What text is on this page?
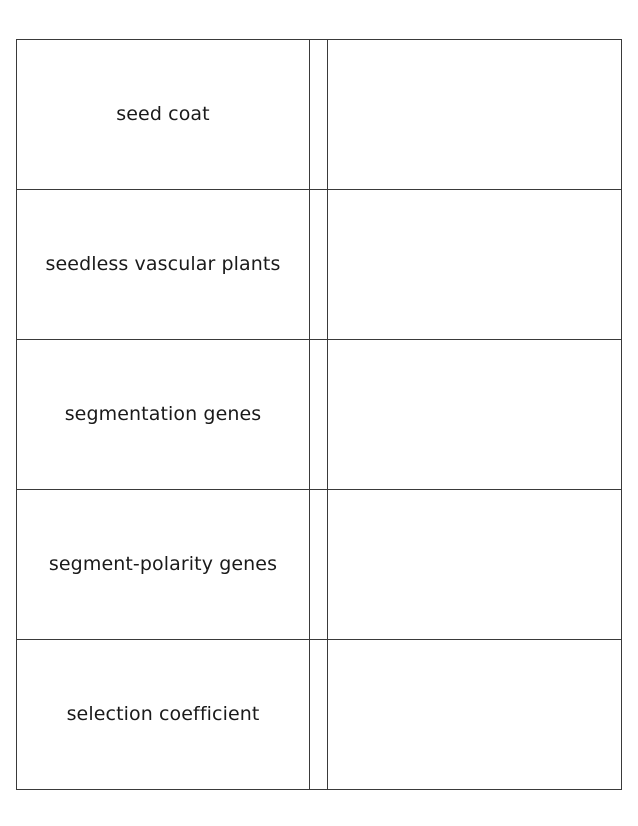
seed coat		
seedless vascular plants		
segmentation genes		
segment-polarity genes		
selection coefficient		
